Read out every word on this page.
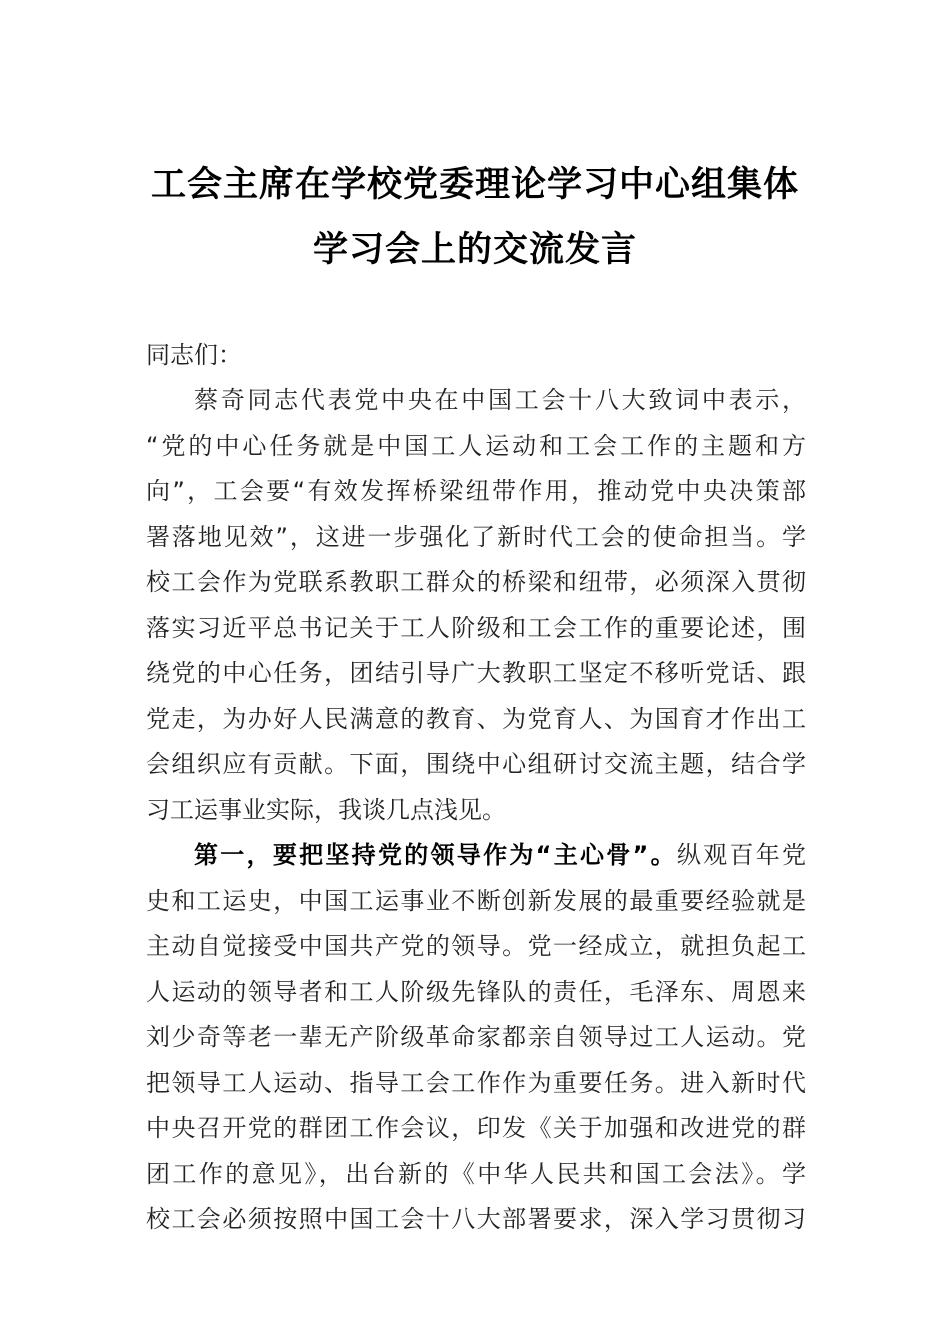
工会主席在学校党委理论学习中心组集体
学习会上的交流发言
同志们：
蔡奇同志代表党中央在中国工会十八大致词中表示，
“党的中心任务就是中国工人运动和工会工作的主题和方
向”，工会要“有效发挥桥梁纽带作用，推动党中央决策部
署落地见效”，这进一步强化了新时代工会的使命担当。学
校工会作为党联系教职工群众的桥梁和纽带，必须深入贯彻
落实习近平总书记关于工人阶级和工会工作的重要论述，围
绕党的中心任务，团结引导广大教职工坚定不移听党话、跟
党走，为办好人民满意的教育、为党育人、为国育才作出工
会组织应有贡献。下面，围绕中心组研讨交流主题，结合学
习工运事业实际，我谈几点浅见。
第一，要把坚持党的领导作为“主心骨”。纵观百年党
史和工运史，中国工运事业不断创新发展的最重要经验就是
主动自觉接受中国共产党的领导。党一经成立，就担负起工
人运动的领导者和工人阶级先锋队的责任，毛泽东、周恩来
刘少奇等老一辈无产阶级革命家都亲自领导过工人运动。党
把领导工人运动、指导工会工作作为重要任务。进入新时代
中央召开党的群团工作会议，印发《关于加强和改进党的群
团工作的意见》，出台新的《中华人民共和国工会法》。学
校工会必须按照中国工会十八大部署要求，深入学习贯彻习
